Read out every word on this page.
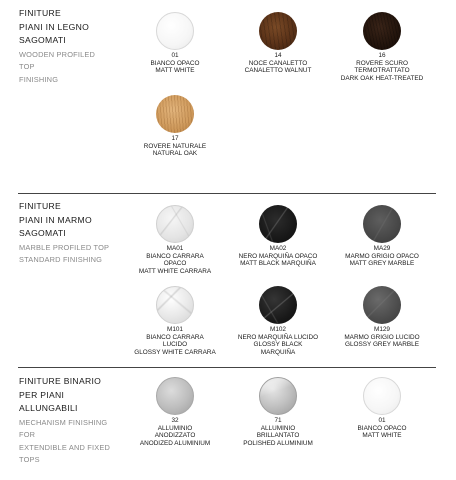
FINITURE
PIANI IN LEGNO
SAGOMATI
WOODEN PROFILED
TOP
FINISHING
01
BIANCO OPACO
MATT WHITE
14
NOCE CANALETTO
CANALETTO WALNUT
16
ROVERE SCURO
TERMOTRATTATO
DARK OAK HEAT-TREATED
17
ROVERE NATURALE
NATURAL OAK
FINITURE
PIANI IN MARMO
SAGOMATI
MARBLE PROFILED TOP
STANDARD FINISHING
MA01
BIANCO CARRARA
OPACO
MATT WHITE CARRARA
MA02
NERO MARQUIÑA OPACO
MATT BLACK MARQUIÑA
MA29
MARMO GRIGIO OPACO
MATT GREY MARBLE
M101
BIANCO CARRARA
LUCIDO
GLOSSY WHITE CARRARA
M102
NERO MARQUIÑA LUCIDO
GLOSSY BLACK
MARQUIÑA
M129
MARMO GRIGIO LUCIDO
GLOSSY GREY MARBLE
FINITURE BINARIO
PER PIANI
ALLUNGABILI
MECHANISM FINISHING
FOR
EXTENDIBLE AND FIXED
TOPS
32
ALLUMINIO
ANODIZZATO
ANODIZED ALUMINIUM
71
ALLUMINIO
BRILLANTATO
POLISHED ALUMINIUM
01
BIANCO OPACO
MATT WHITE
